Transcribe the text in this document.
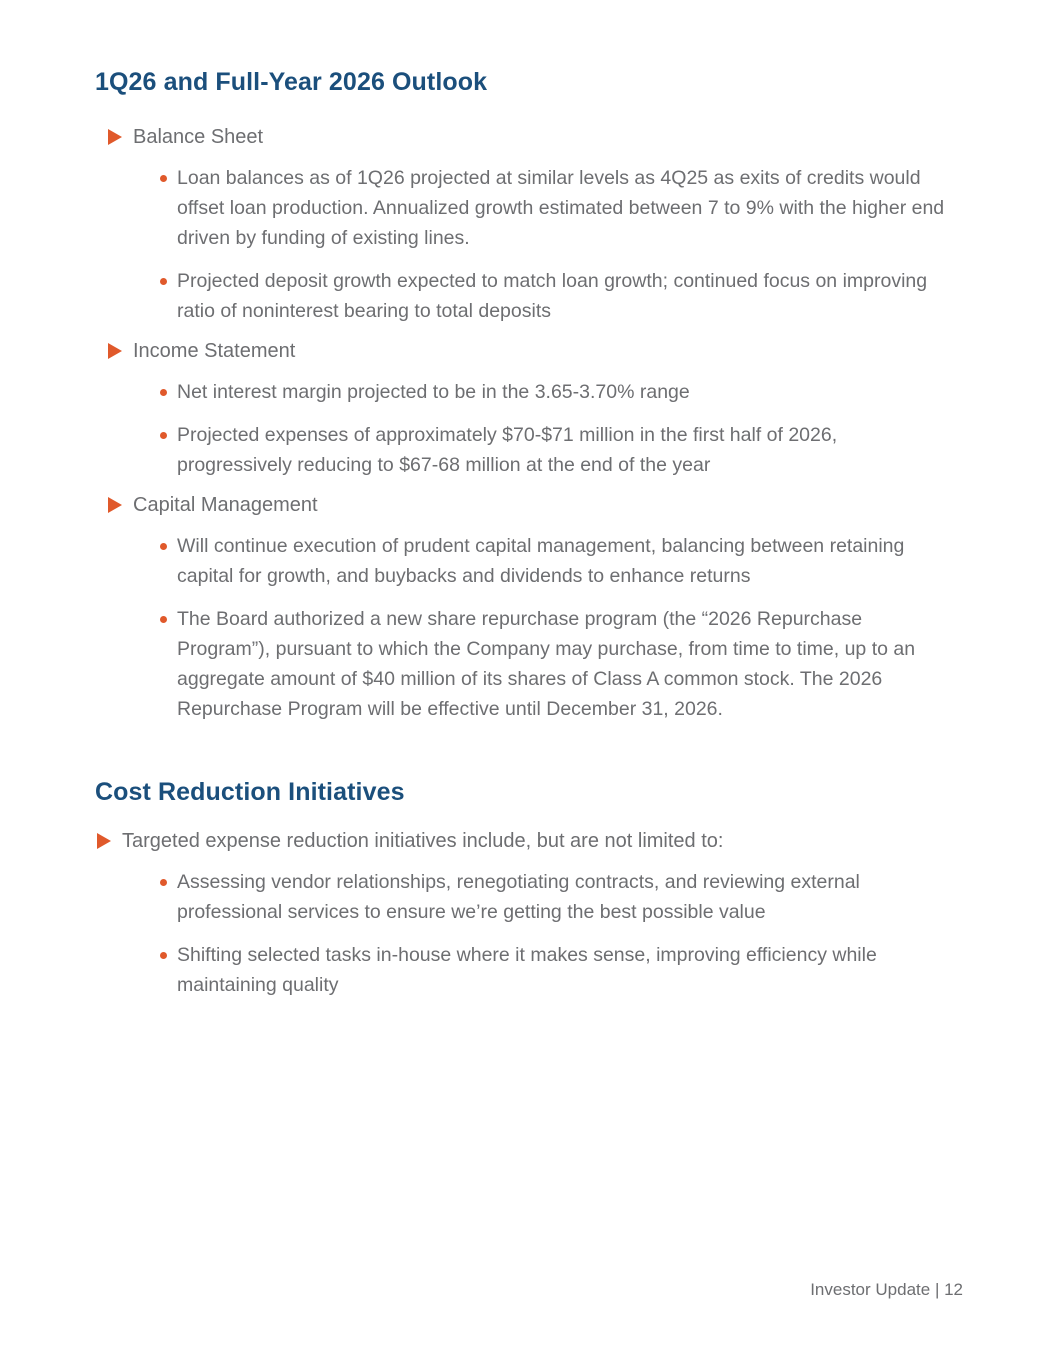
1Q26 and Full-Year 2026 Outlook
Balance Sheet

Loan balances as of 1Q26 projected at similar levels as 4Q25 as exits of credits would offset loan production. Annualized growth estimated between 7 to 9% with the higher end driven by funding of existing lines.

Projected deposit growth expected to match loan growth; continued focus on improving ratio of noninterest bearing to total deposits

Income Statement

Net interest margin projected to be in the 3.65-3.70% range

Projected expenses of approximately $70-$71 million in the first half of 2026, progressively reducing to $67-68 million at the end of the year

Capital Management

Will continue execution of prudent capital management, balancing between retaining capital for growth, and buybacks and dividends to enhance returns

The Board authorized a new share repurchase program (the “2026 Repurchase Program”), pursuant to which the Company may purchase, from time to time, up to an aggregate amount of $40 million of its shares of Class A common stock. The 2026 Repurchase Program will be effective until December 31, 2026.

Cost Reduction Initiatives
Targeted expense reduction initiatives include, but are not limited to:

Assessing vendor relationships, renegotiating contracts, and reviewing external professional services to ensure we’re getting the best possible value

Shifting selected tasks in-house where it makes sense, improving efficiency while maintaining quality

Investor Update | 12
